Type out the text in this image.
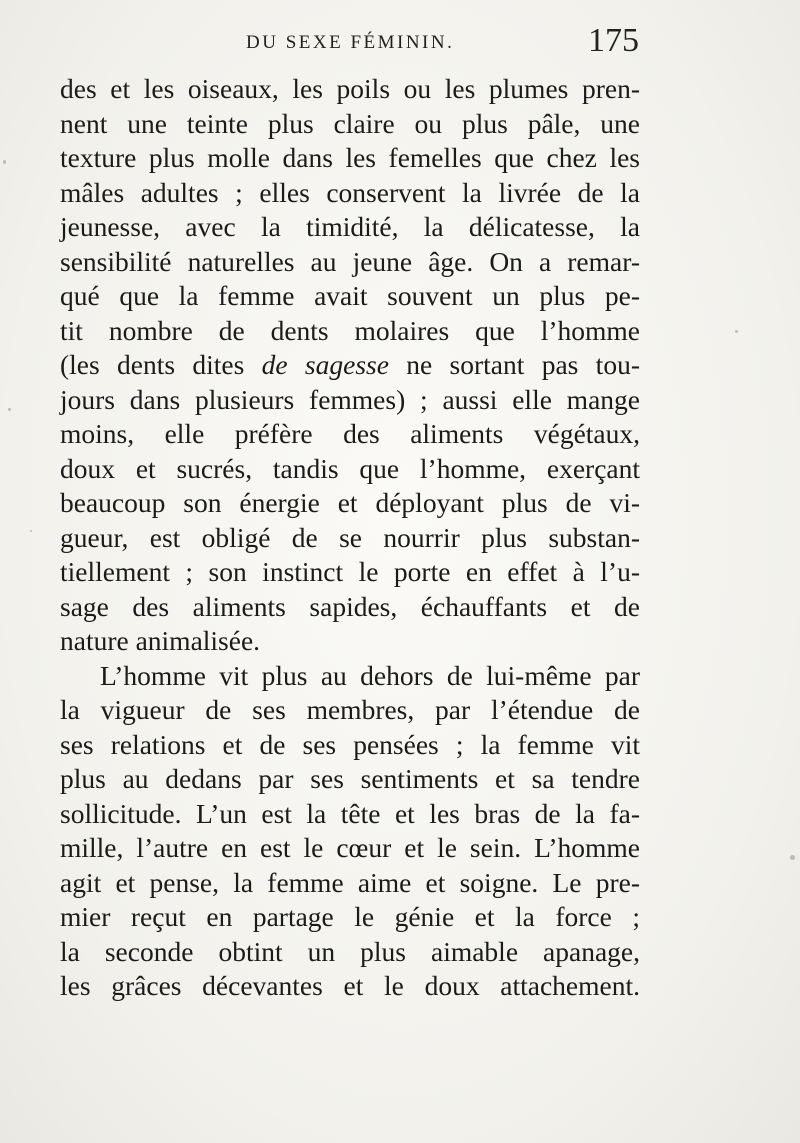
DU SEXE FÉMININ.	175
des et les oiseaux, les poils ou les plumes pren-
nent une teinte plus claire ou plus pâle, une
texture plus molle dans les femelles que chez les
mâles adultes ; elles conservent la livrée de la
jeunesse, avec la timidité, la délicatesse, la
sensibilité naturelles au jeune âge. On a remar-
qué que la femme avait souvent un plus pe-
tit nombre de dents molaires que l’homme
(les dents dites de sagesse ne sortant pas tou-
jours dans plusieurs femmes) ; aussi elle mange
moins, elle préfère des aliments végétaux,
doux et sucrés, tandis que l’homme, exerçant
beaucoup son énergie et déployant plus de vi-
gueur, est obligé de se nourrir plus substan-
tiellement ; son instinct le porte en effet à l’u-
sage des aliments sapides, échauffants et de
nature animalisée.
L’homme vit plus au dehors de lui-même par
la vigueur de ses membres, par l’étendue de
ses relations et de ses pensées ; la femme vit
plus au dedans par ses sentiments et sa tendre
sollicitude. L’un est la tête et les bras de la fa-
mille, l’autre en est le cœur et le sein. L’homme
agit et pense, la femme aime et soigne. Le pre-
mier reçut en partage le génie et la force ;
la seconde obtint un plus aimable apanage,
les grâces décevantes et le doux attachement.
